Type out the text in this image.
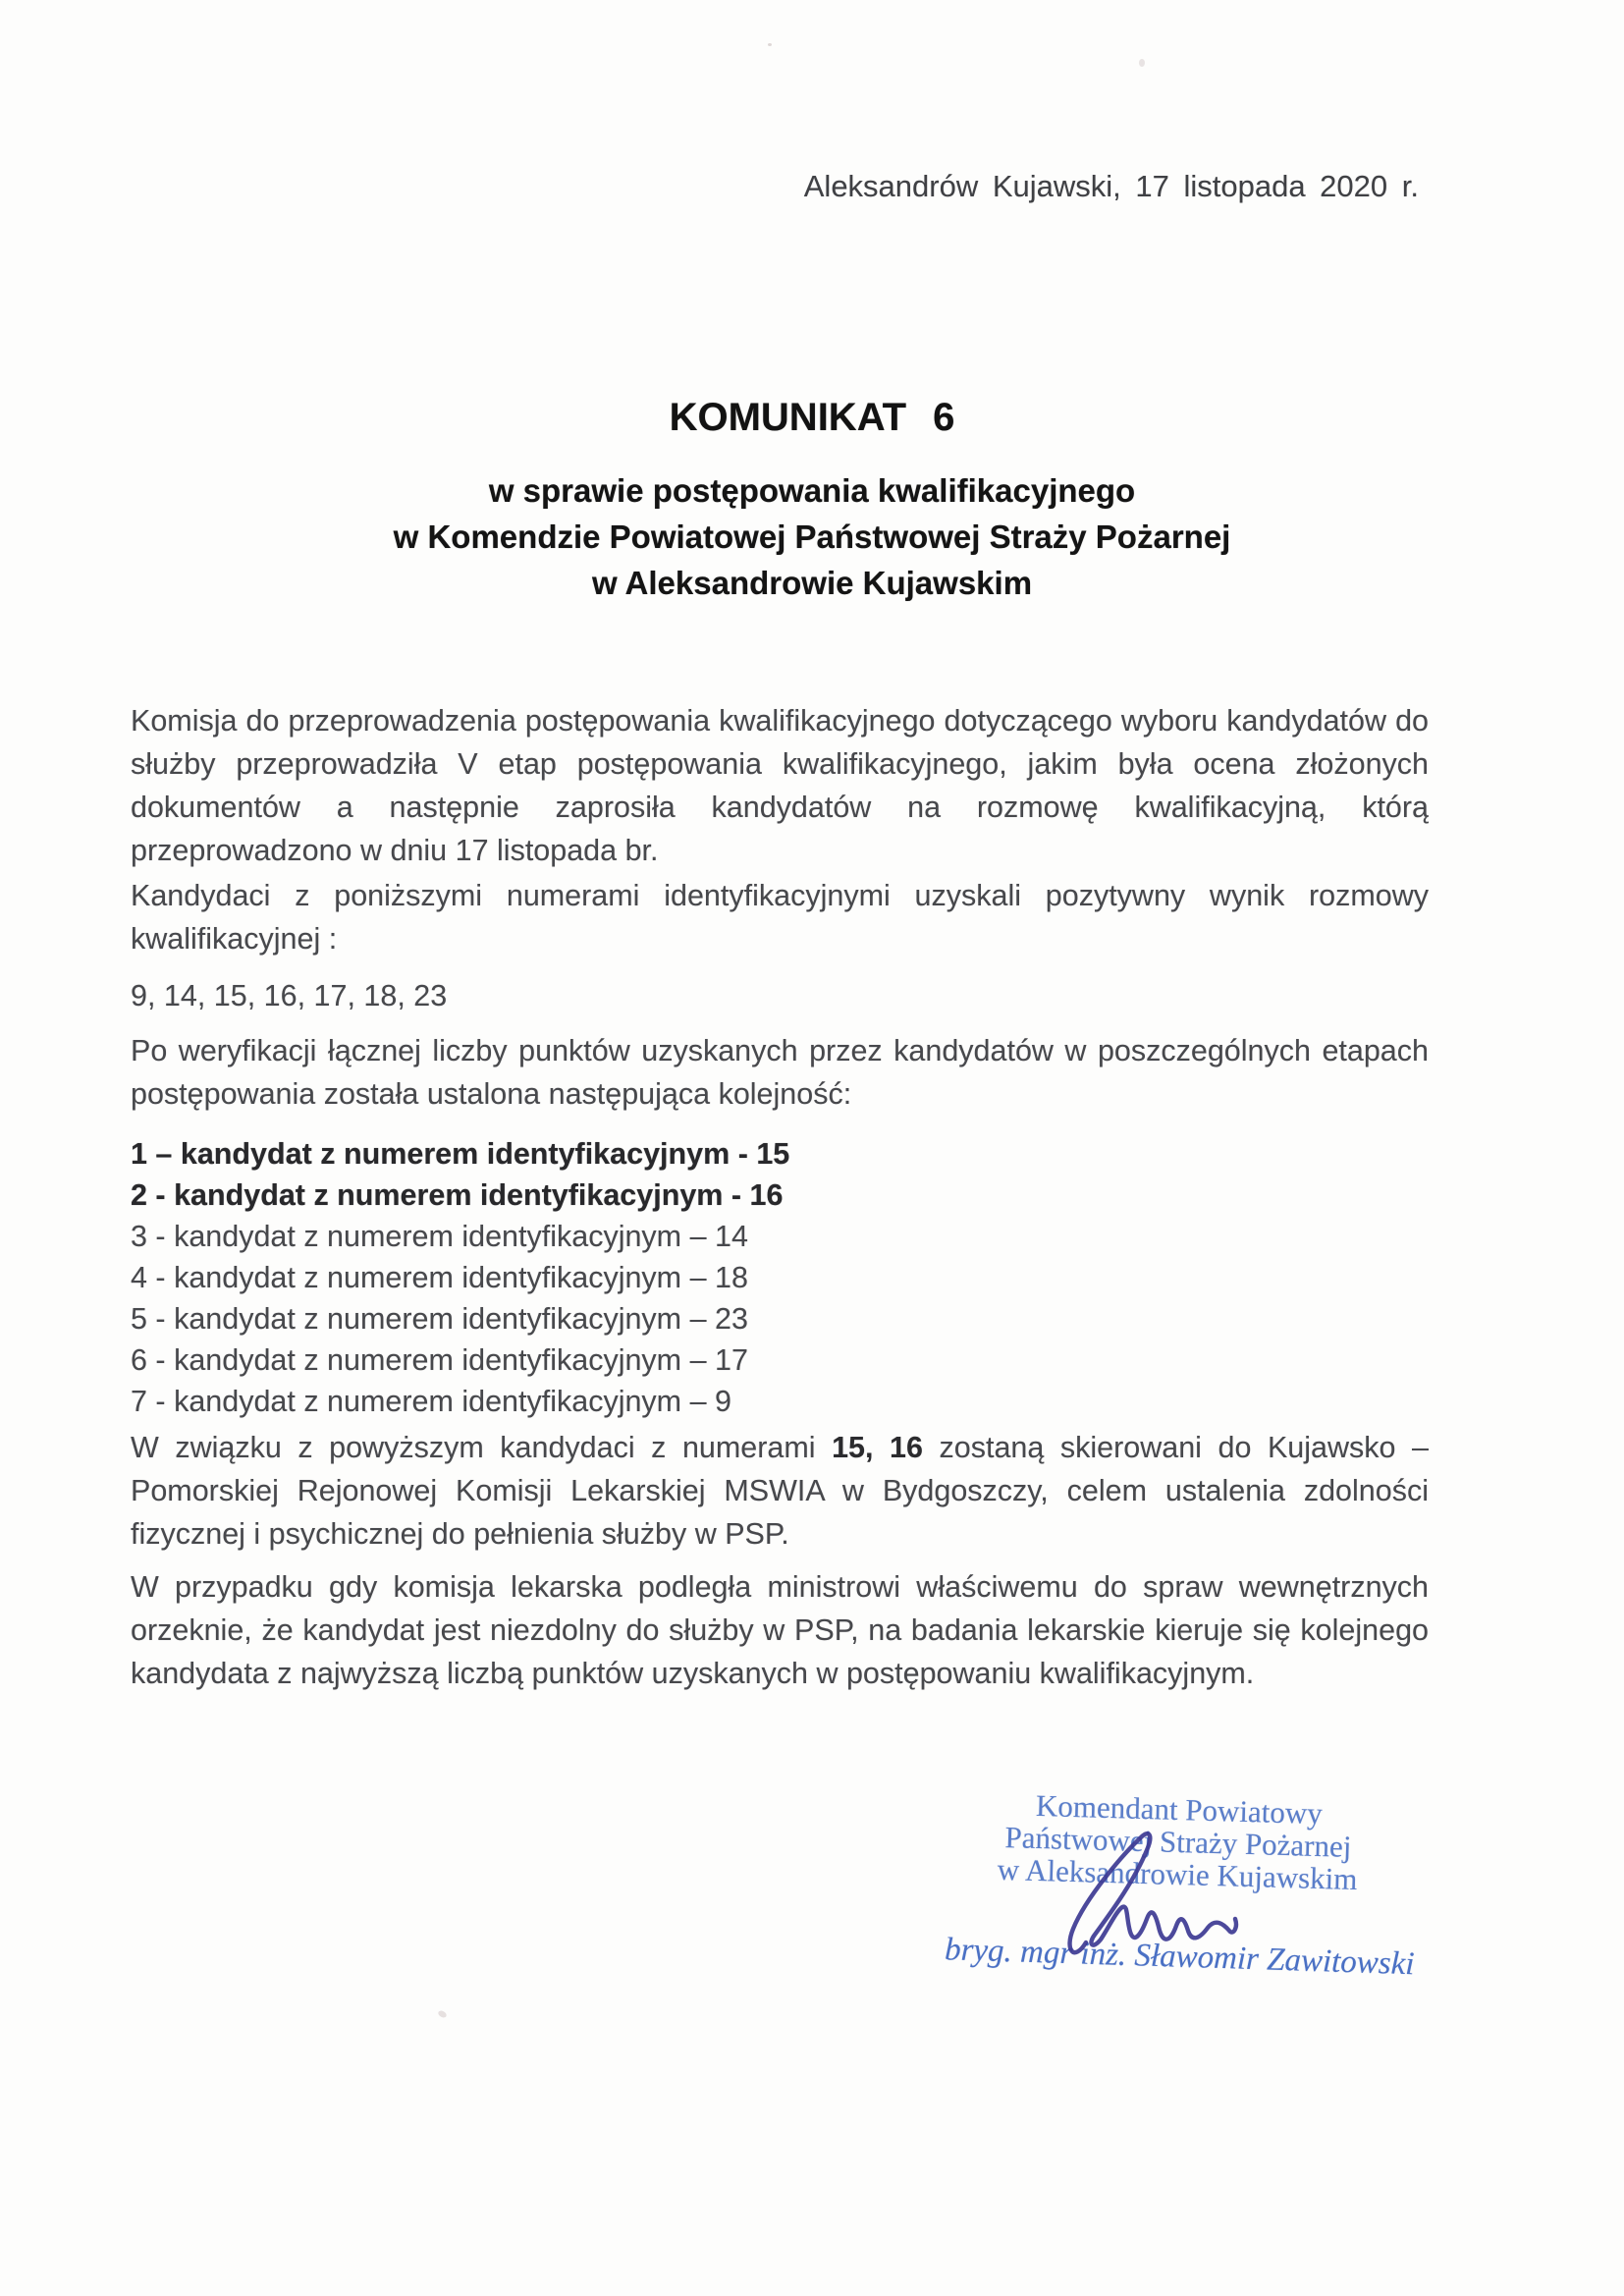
Aleksandrów Kujawski, 17 listopada 2020 r.
KOMUNIKAT 6
w sprawie postępowania kwalifikacyjnego
w Komendzie Powiatowej Państwowej Straży Pożarnej
w Aleksandrowie Kujawskim
Komisja do przeprowadzenia postępowania kwalifikacyjnego dotyczącego wyboru kandydatów do służby przeprowadziła V etap postępowania kwalifikacyjnego, jakim była ocena złożonych dokumentów a następnie zaprosiła kandydatów na rozmowę kwalifikacyjną, którą przeprowadzono w dniu 17 listopada br.
Kandydaci z poniższymi numerami identyfikacyjnymi uzyskali pozytywny wynik rozmowy kwalifikacyjnej :
9, 14, 15, 16, 17, 18, 23
Po weryfikacji łącznej liczby punktów uzyskanych przez kandydatów w poszczególnych etapach postępowania została ustalona następująca kolejność:
1 – kandydat z numerem identyfikacyjnym - 15
2 - kandydat z numerem identyfikacyjnym - 16
3 - kandydat z numerem identyfikacyjnym – 14
4 - kandydat z numerem identyfikacyjnym – 18
5 - kandydat z numerem identyfikacyjnym – 23
6 - kandydat z numerem identyfikacyjnym – 17
7 - kandydat z numerem identyfikacyjnym – 9
W związku z powyższym kandydaci z numerami 15, 16 zostaną skierowani do Kujawsko – Pomorskiej Rejonowej Komisji Lekarskiej MSWIA w Bydgoszczy, celem ustalenia zdolności fizycznej i psychicznej do pełnienia służby w PSP.
W przypadku gdy komisja lekarska podległa ministrowi właściwemu do spraw wewnętrznych orzeknie, że kandydat jest niezdolny do służby w PSP, na badania lekarskie kieruje się kolejnego kandydata z najwyższą liczbą punktów uzyskanych w postępowaniu kwalifikacyjnym.
Komendant Powiatowy
Państwowej Straży Pożarnej
w Aleksandrowie Kujawskim
bryg. mgr inż. Sławomir Zawitowski
